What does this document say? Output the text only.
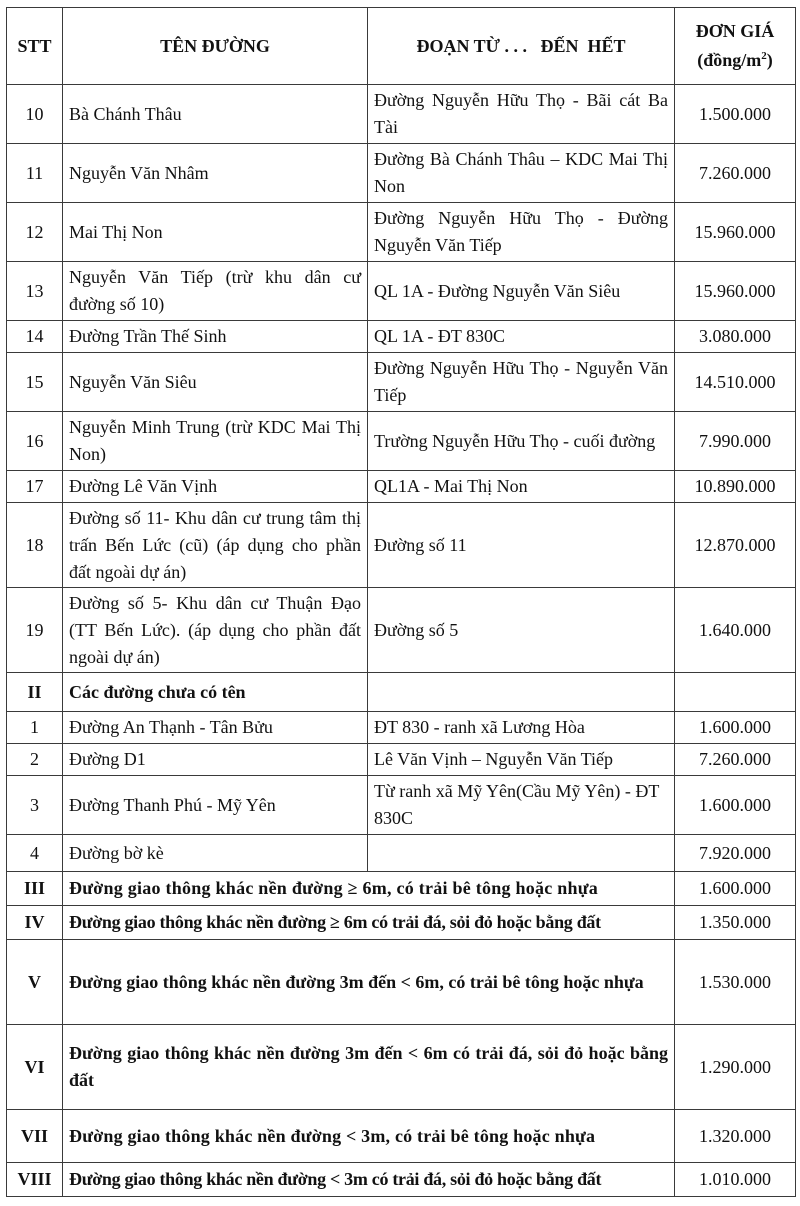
STT	TÊN ĐƯỜNG	ĐOẠN TỪ . . .   ĐẾN  HẾT	ĐƠN GIÁ
$(đồng/m^2)$
10	Bà Chánh Thâu	Đường Nguyễn Hữu Thọ - Bãi cát Ba Tài	1.500.000
11	Nguyễn Văn Nhâm	Đường Bà Chánh Thâu – KDC Mai Thị Non	7.260.000
12	Mai Thị Non	Đường Nguyễn Hữu Thọ - Đường Nguyễn Văn Tiếp	15.960.000
13	Nguyễn Văn Tiếp (trừ khu dân cư đường số 10)	QL 1A - Đường Nguyễn Văn Siêu	15.960.000
14	Đường Trần Thế Sinh	QL 1A - ĐT 830C	3.080.000
15	Nguyễn Văn Siêu	Đường Nguyễn Hữu Thọ - Nguyễn Văn Tiếp	14.510.000
16	Nguyễn Minh Trung (trừ KDC Mai Thị Non)	Trường Nguyễn Hữu Thọ - cuối đường	7.990.000
17	Đường Lê Văn Vịnh	QL1A - Mai Thị Non	10.890.000
18	Đường số 11- Khu dân cư trung tâm thị trấn Bến Lức (cũ) (áp dụng cho phần đất ngoài dự án)	Đường số 11	12.870.000
19	Đường số 5- Khu dân cư Thuận Đạo (TT Bến Lức). (áp dụng cho phần đất ngoài dự án)	Đường số 5	1.640.000
II	Các đường chưa có tên		
1	Đường An Thạnh - Tân Bửu	ĐT 830 - ranh xã Lương Hòa	1.600.000
2	Đường D1	Lê Văn Vịnh – Nguyễn Văn Tiếp	7.260.000
3	Đường Thanh Phú - Mỹ Yên	Từ ranh xã Mỹ Yên(Cầu Mỹ Yên) - ĐT 830C	1.600.000
4	Đường bờ kè		7.920.000
III	Đường giao thông khác nền đường ≥ 6m, có trải bê tông hoặc nhựa		1.600.000
IV	Đường giao thông khác nền đường ≥ 6m có trải đá, sỏi đỏ hoặc bằng đất		1.350.000
V	Đường giao thông khác nền đường 3m đến < 6m, có trải bê tông hoặc nhựa		1.530.000
VI	Đường giao thông khác nền đường 3m đến < 6m có trải đá, sỏi đỏ hoặc bằng đất		1.290.000
VII	Đường giao thông khác nền đường < 3m, có trải bê tông hoặc nhựa		1.320.000
VIII	Đường giao thông khác nền đường < 3m có trải đá, sỏi đỏ hoặc bằng đất		1.010.000
